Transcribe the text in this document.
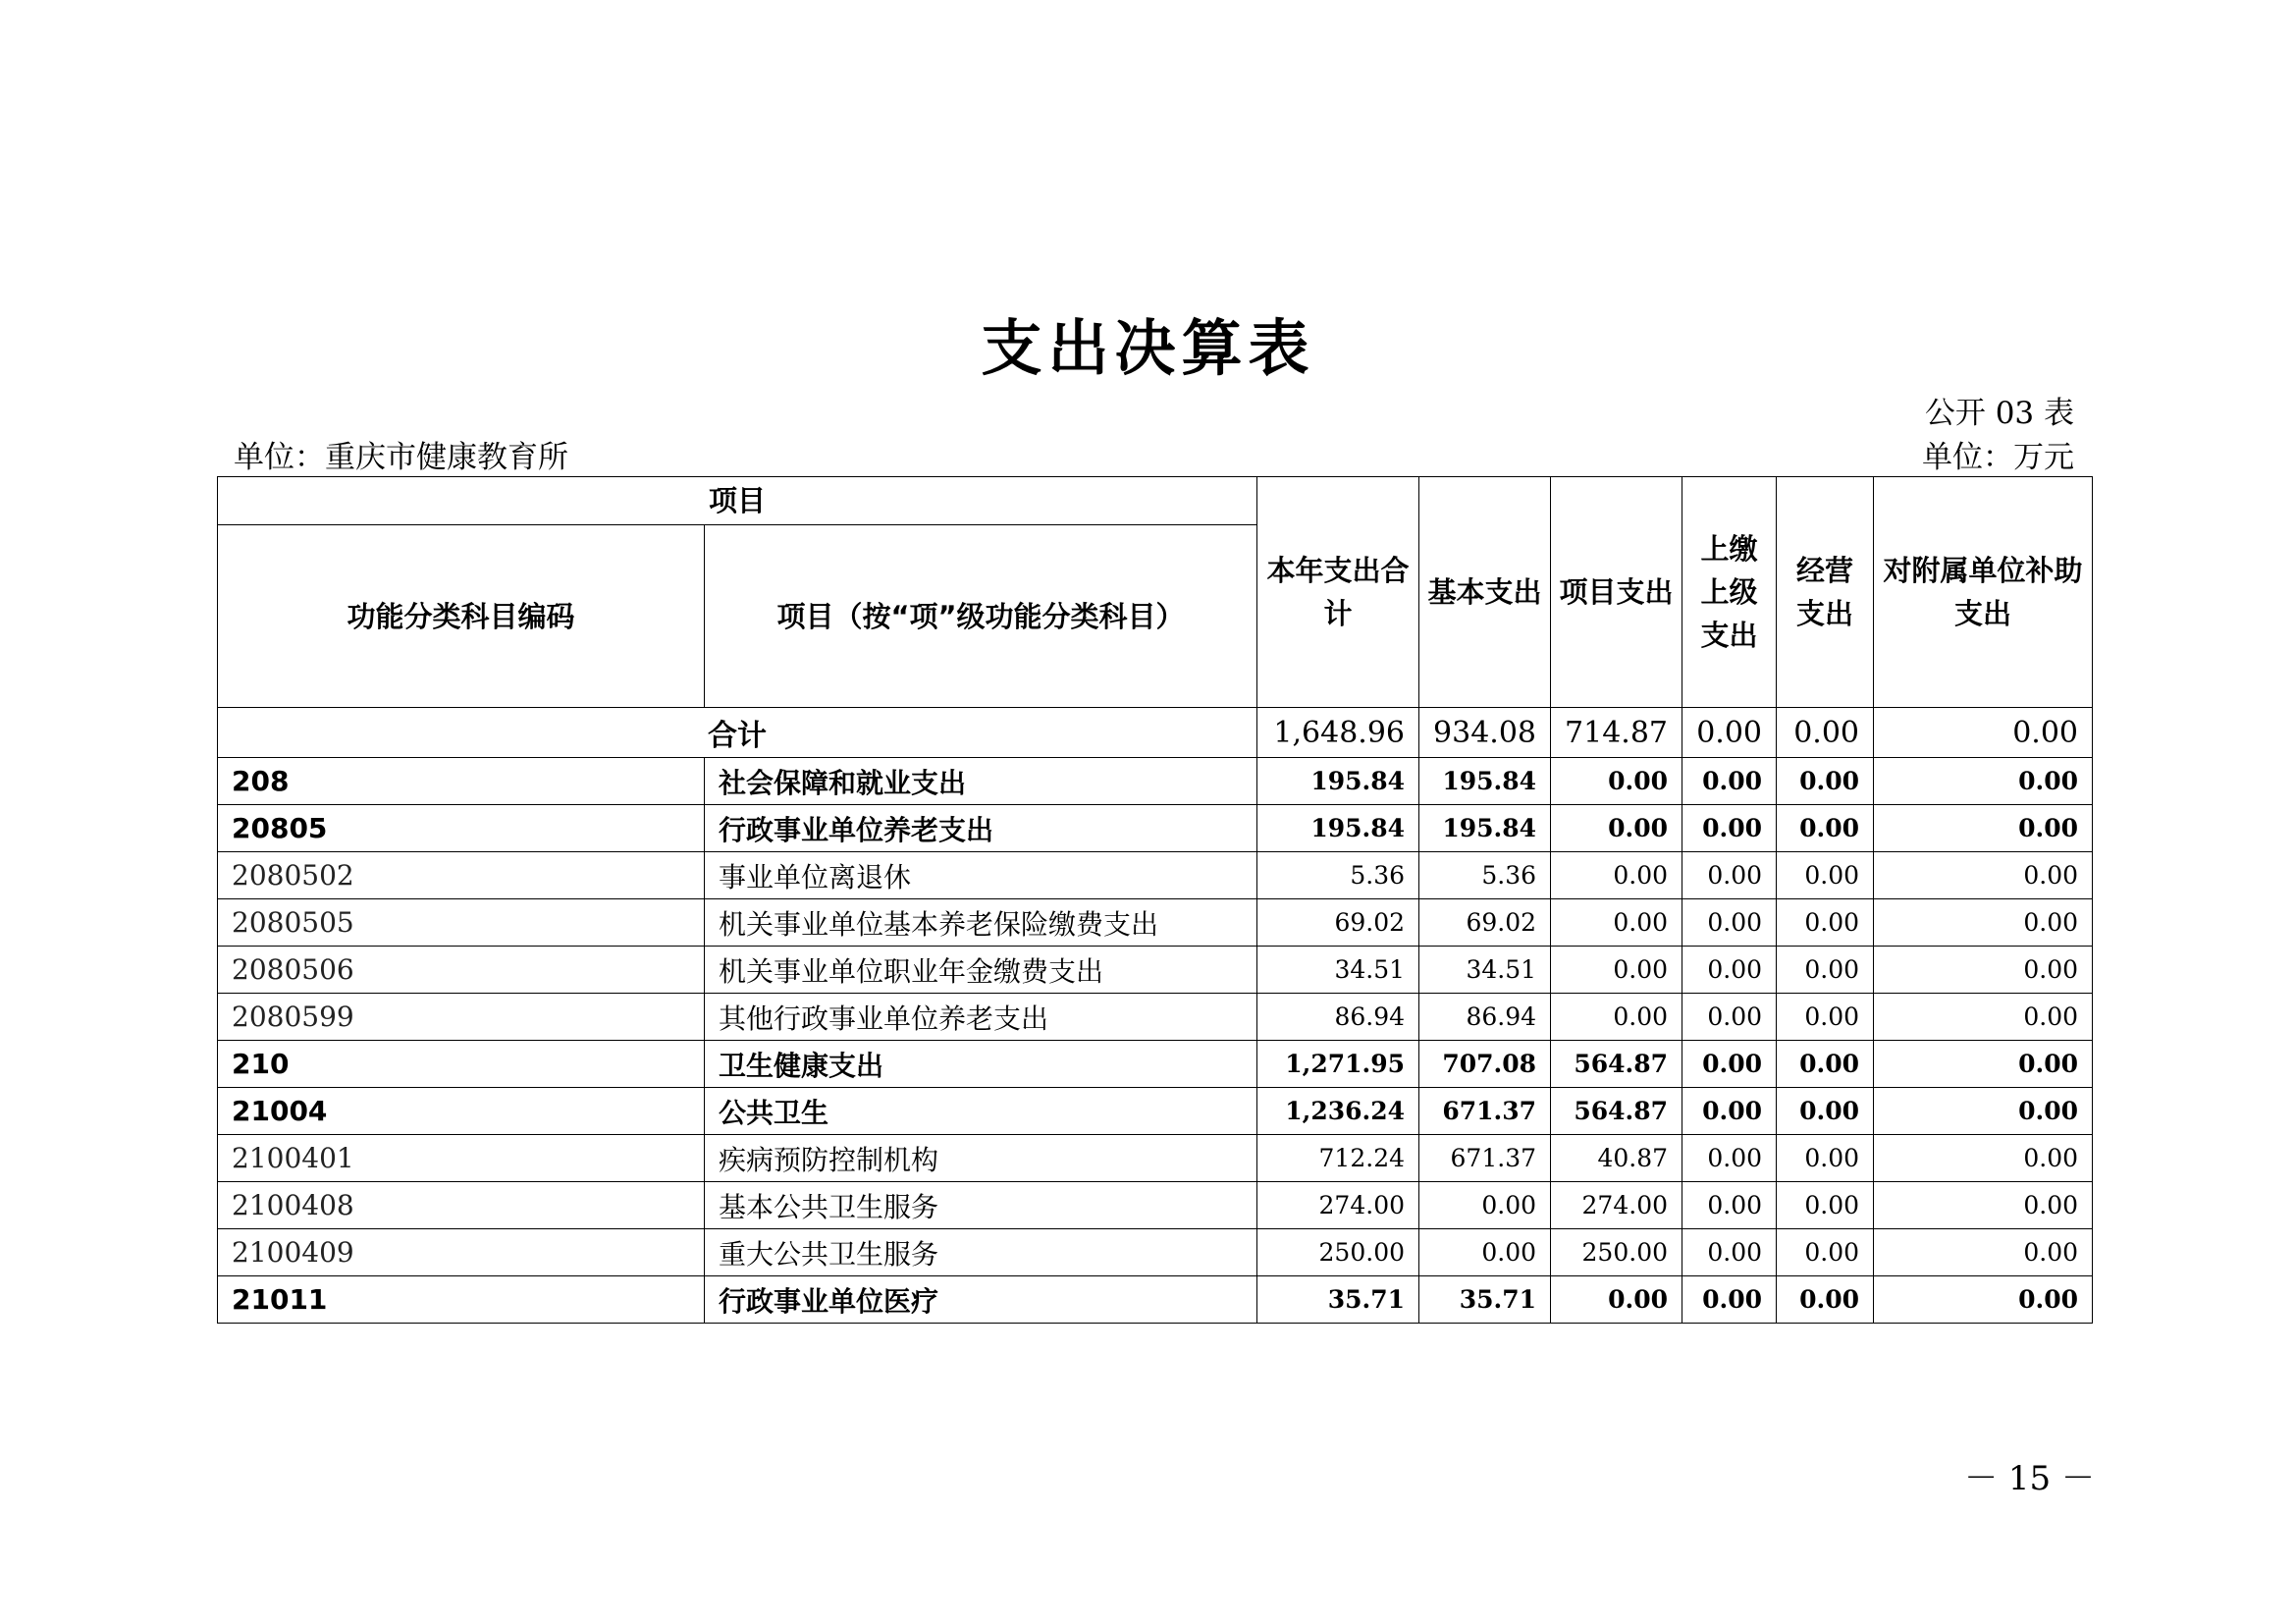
支出决算表
公开 03 表
单位：重庆市健康教育所	单位：万元
项目		本年支出合计	基本支出	项目支出	上缴上级支出	经营支出	对附属单位补助支出
功能分类科目编码	项目（按“项”级功能分类科目）						
合计		1,648.96	934.08	714.87	0.00	0.00	0.00
208	社会保障和就业支出	195.84	195.84	0.00	0.00	0.00	0.00
20805	行政事业单位养老支出	195.84	195.84	0.00	0.00	0.00	0.00
2080502	事业单位离退休	5.36	5.36	0.00	0.00	0.00	0.00
2080505	机关事业单位基本养老保险缴费支出	69.02	69.02	0.00	0.00	0.00	0.00
2080506	机关事业单位职业年金缴费支出	34.51	34.51	0.00	0.00	0.00	0.00
2080599	其他行政事业单位养老支出	86.94	86.94	0.00	0.00	0.00	0.00
210	卫生健康支出	1,271.95	707.08	564.87	0.00	0.00	0.00
21004	公共卫生	1,236.24	671.37	564.87	0.00	0.00	0.00
2100401	疾病预防控制机构	712.24	671.37	40.87	0.00	0.00	0.00
2100408	基本公共卫生服务	274.00	0.00	274.00	0.00	0.00	0.00
2100409	重大公共卫生服务	250.00	0.00	250.00	0.00	0.00	0.00
21011	行政事业单位医疗	35.71	35.71	0.00	0.00	0.00	0.00
－ 15 －
